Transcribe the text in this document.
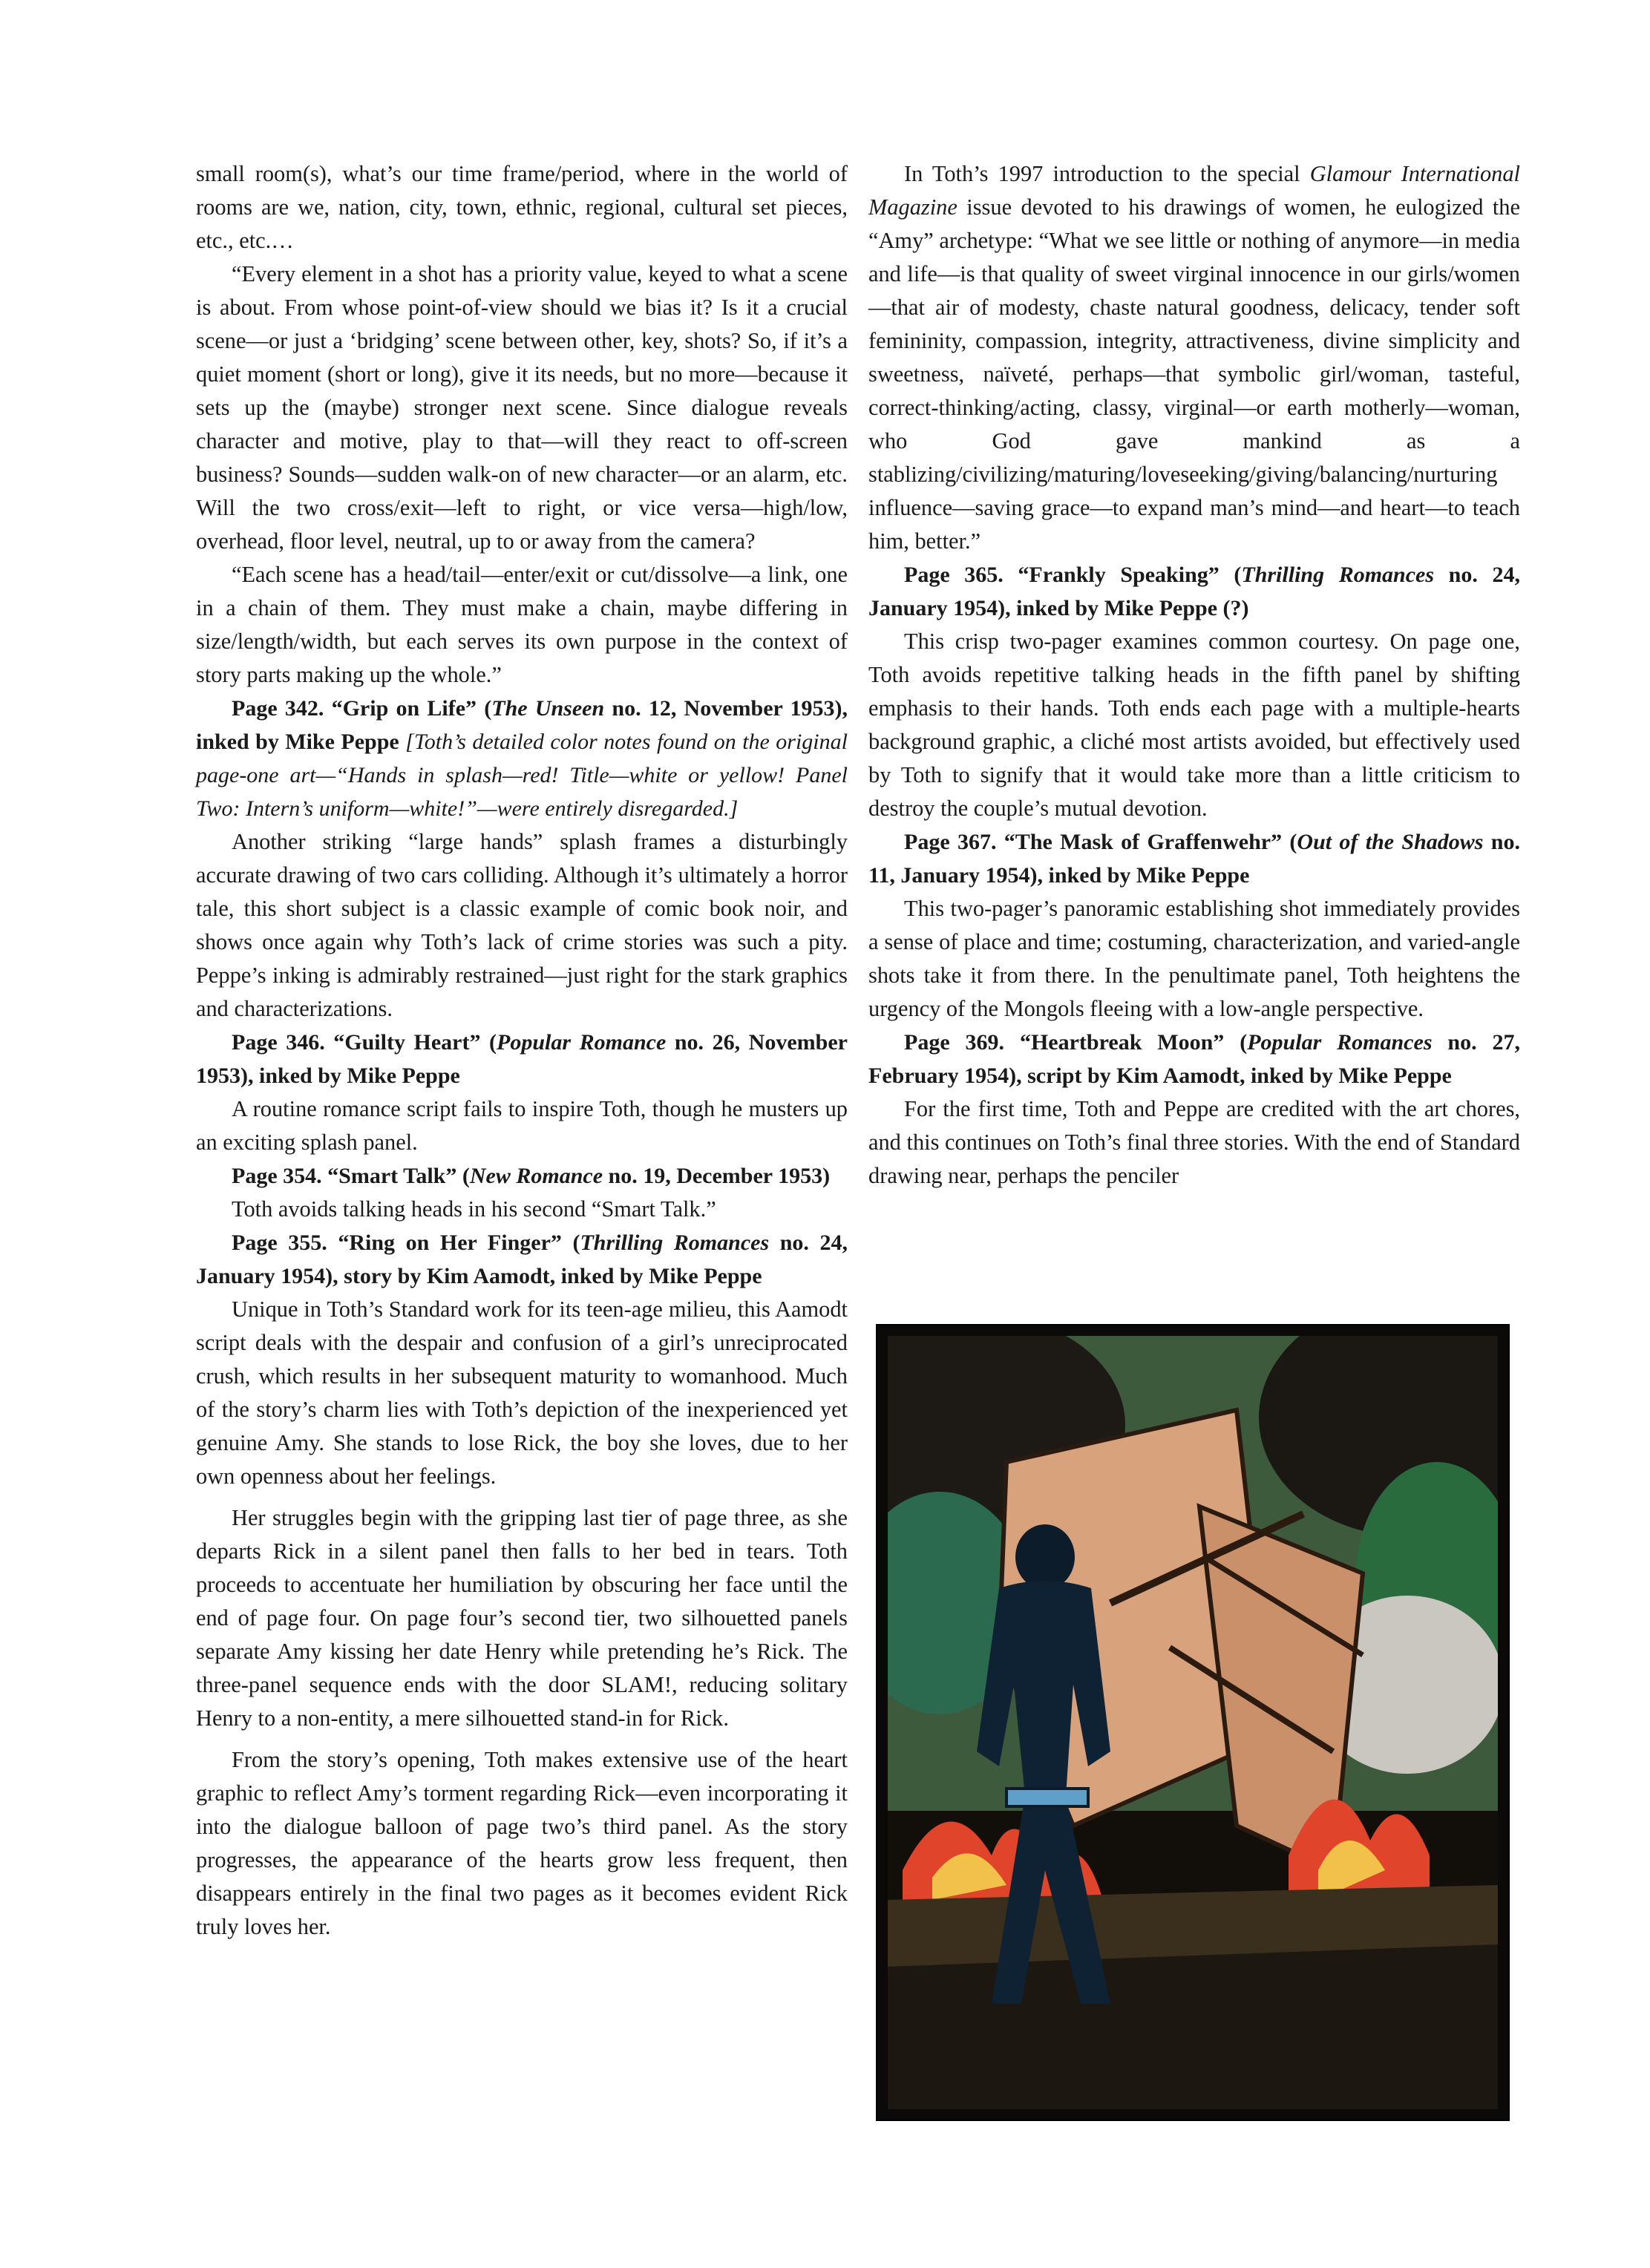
small room(s), what’s our time frame/period, where in the world of rooms are we, nation, city, town, ethnic, regional, cultural set pieces, etc., etc.…

“Every element in a shot has a priority value, keyed to what a scene is about. From whose point-of-view should we bias it? Is it a crucial scene—or just a ‘bridging’ scene between other, key, shots? So, if it’s a quiet moment (short or long), give it its needs, but no more—because it sets up the (maybe) stronger next scene. Since dialogue reveals character and motive, play to that—will they react to off-screen business? Sounds—sudden walk-on of new character—or an alarm, etc. Will the two cross/exit—left to right, or vice versa—high/low, overhead, floor level, neutral, up to or away from the camera?

“Each scene has a head/tail—enter/exit or cut/dissolve—a link, one in a chain of them. They must make a chain, maybe differing in size/length/width, but each serves its own purpose in the context of story parts making up the whole.”

Page 342. “Grip on Life” (The Unseen no. 12, November 1953), inked by Mike Peppe [Toth’s detailed color notes found on the original page-one art—“Hands in splash—red! Title—white or yellow! Panel Two: Intern’s uniform—white!”—were entirely disregarded.]

Another striking “large hands” splash frames a disturbingly accurate drawing of two cars colliding. Although it’s ultimately a horror tale, this short subject is a classic example of comic book noir, and shows once again why Toth’s lack of crime stories was such a pity. Peppe’s inking is admirably restrained—just right for the stark graphics and characterizations.

Page 346. “Guilty Heart” (Popular Romance no. 26, November 1953), inked by Mike Peppe

A routine romance script fails to inspire Toth, though he musters up an exciting splash panel.

Page 354. “Smart Talk” (New Romance no. 19, December 1953)

Toth avoids talking heads in his second “Smart Talk.”

Page 355. “Ring on Her Finger” (Thrilling Romances no. 24, January 1954), story by Kim Aamodt, inked by Mike Peppe

Unique in Toth’s Standard work for its teen-age milieu, this Aamodt script deals with the despair and confusion of a girl’s unreciprocated crush, which results in her subsequent maturity to womanhood. Much of the story’s charm lies with Toth’s depiction of the inexperienced yet genuine Amy. She stands to lose Rick, the boy she loves, due to her own openness about her feelings.

Her struggles begin with the gripping last tier of page three, as she departs Rick in a silent panel then falls to her bed in tears. Toth proceeds to accentuate her humiliation by obscuring her face until the end of page four. On page four’s second tier, two silhouetted panels separate Amy kissing her date Henry while pretending he’s Rick. The three-panel sequence ends with the door SLAM!, reducing solitary Henry to a non-entity, a mere silhouetted stand-in for Rick.

From the story’s opening, Toth makes extensive use of the heart graphic to reflect Amy’s torment regarding Rick—even incorporating it into the dialogue balloon of page two’s third panel. As the story progresses, the appearance of the hearts grow less frequent, then disappears entirely in the final two pages as it becomes evident Rick truly loves her.

In Toth’s 1997 introduction to the special Glamour International Magazine issue devoted to his drawings of women, he eulogized the “Amy” archetype: “What we see little or nothing of anymore—in media and life—is that quality of sweet virginal innocence in our girls/women—that air of modesty, chaste natural goodness, delicacy, tender soft femininity, compassion, integrity, attractiveness, divine simplicity and sweetness, naïveté, perhaps—that symbolic girl/woman, tasteful, correct-thinking/acting, classy, virginal—or earth motherly—woman, who God gave mankind as a stablizing/civilizing/maturing/loveseeking/giving/balancing/nurturing influence—saving grace—to expand man’s mind—and heart—to teach him, better.”

Page 365. “Frankly Speaking” (Thrilling Romances no. 24, January 1954), inked by Mike Peppe (?)

This crisp two-pager examines common courtesy. On page one, Toth avoids repetitive talking heads in the fifth panel by shifting emphasis to their hands. Toth ends each page with a multiple-hearts background graphic, a cliché most artists avoided, but effectively used by Toth to signify that it would take more than a little criticism to destroy the couple’s mutual devotion.

Page 367. “The Mask of Graffenwehr” (Out of the Shadows no. 11, January 1954), inked by Mike Peppe

This two-pager’s panoramic establishing shot immediately provides a sense of place and time; costuming, characterization, and varied-angle shots take it from there. In the penultimate panel, Toth heightens the urgency of the Mongols fleeing with a low-angle perspective.

Page 369. “Heartbreak Moon” (Popular Romances no. 27, February 1954), script by Kim Aamodt, inked by Mike Peppe

For the first time, Toth and Peppe are credited with the art chores, and this continues on Toth’s final three stories. With the end of Standard drawing near, perhaps the penciler
